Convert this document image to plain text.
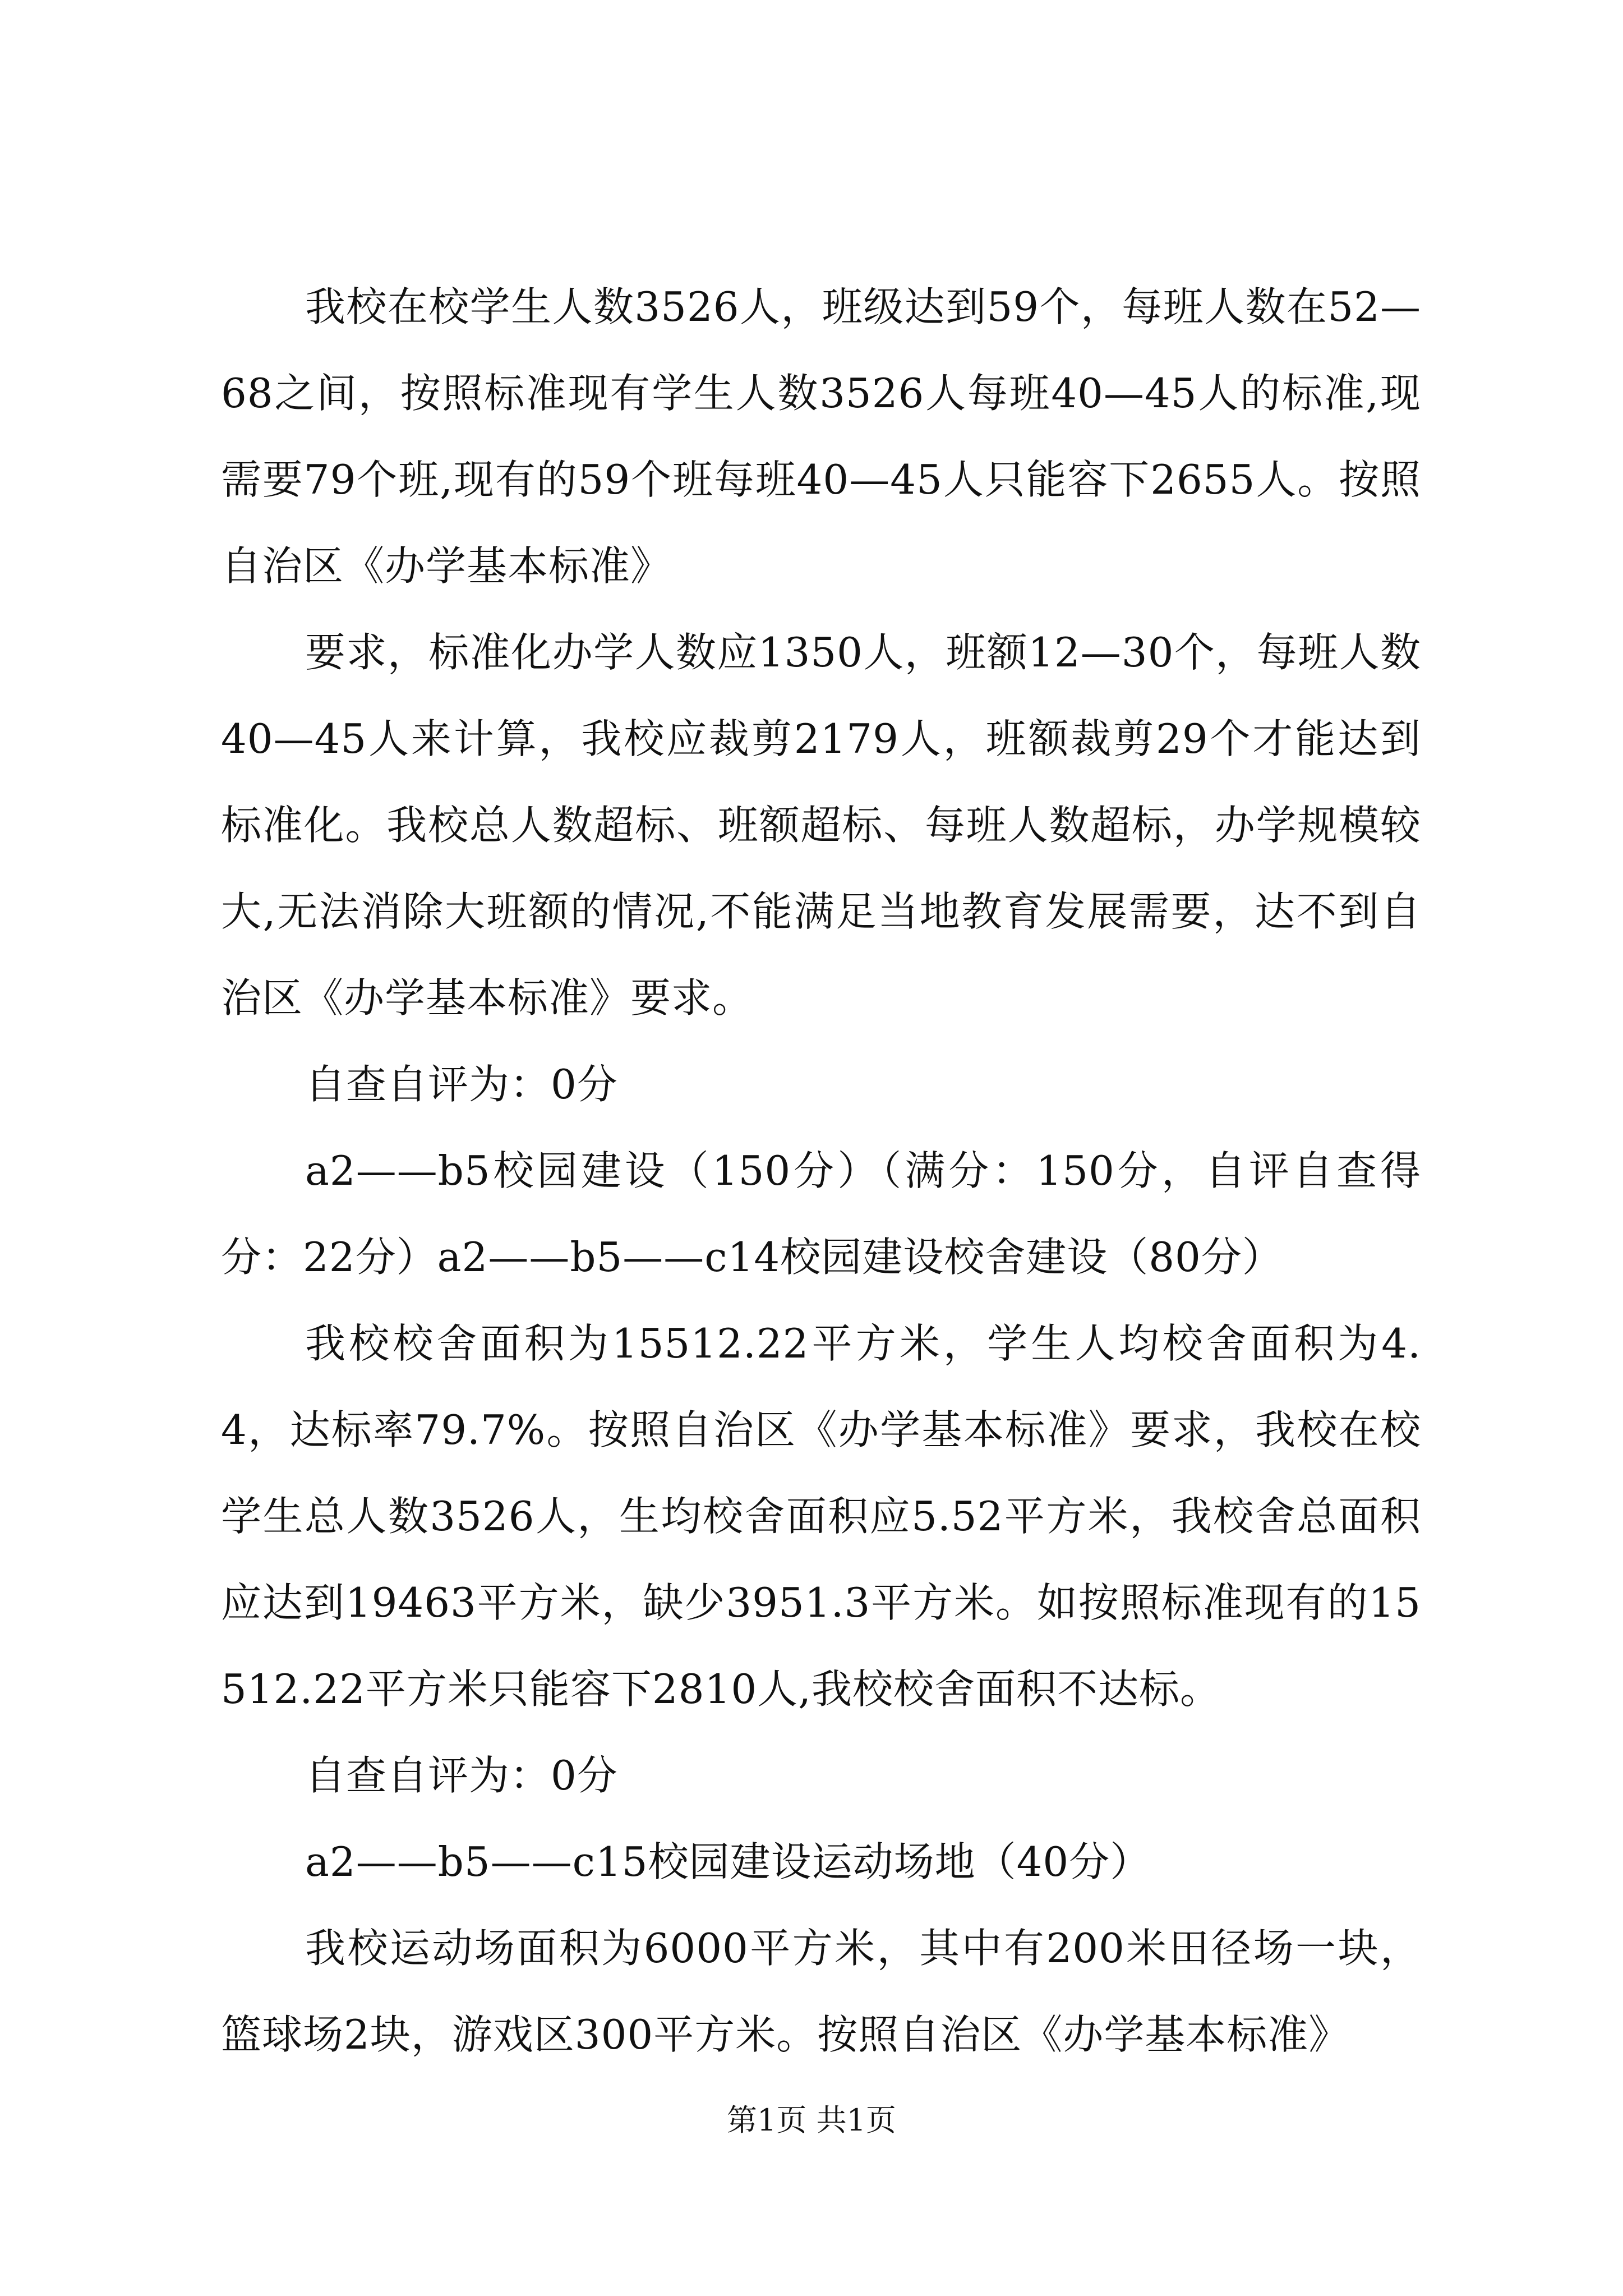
我校在校学生人数3526人，班级达到59个，每班人数在52—68之间，按照标准现有学生人数3526人每班40—45人的标准,现需要79个班,现有的59个班每班40—45人只能容下2655人。按照自治区《办学基本标准》

要求，标准化办学人数应1350人，班额12—30个，每班人数40—45人来计算，我校应裁剪2179人，班额裁剪29个才能达到标准化。我校总人数超标、班额超标、每班人数超标，办学规模较大,无法消除大班额的情况,不能满足当地教育发展需要，达不到自治区《办学基本标准》要求。

自查自评为：0分

a2——b5校园建设（150分）（满分：150分，自评自查得分：22分）a2——b5——c14校园建设校舍建设（80分）

我校校舍面积为15512.22平方米，学生人均校舍面积为4.4，达标率79.7%。按照自治区《办学基本标准》要求，我校在校学生总人数3526人，生均校舍面积应5.52平方米，我校舍总面积应达到19463平方米，缺少3951.3平方米。如按照标准现有的15512.22平方米只能容下2810人,我校校舍面积不达标。

自查自评为：0分

a2——b5——c15校园建设运动场地（40分）

我校运动场面积为6000平方米，其中有200米田径场一块，篮球场2块，游戏区300平方米。按照自治区《办学基本标准》

第1页 共1页
